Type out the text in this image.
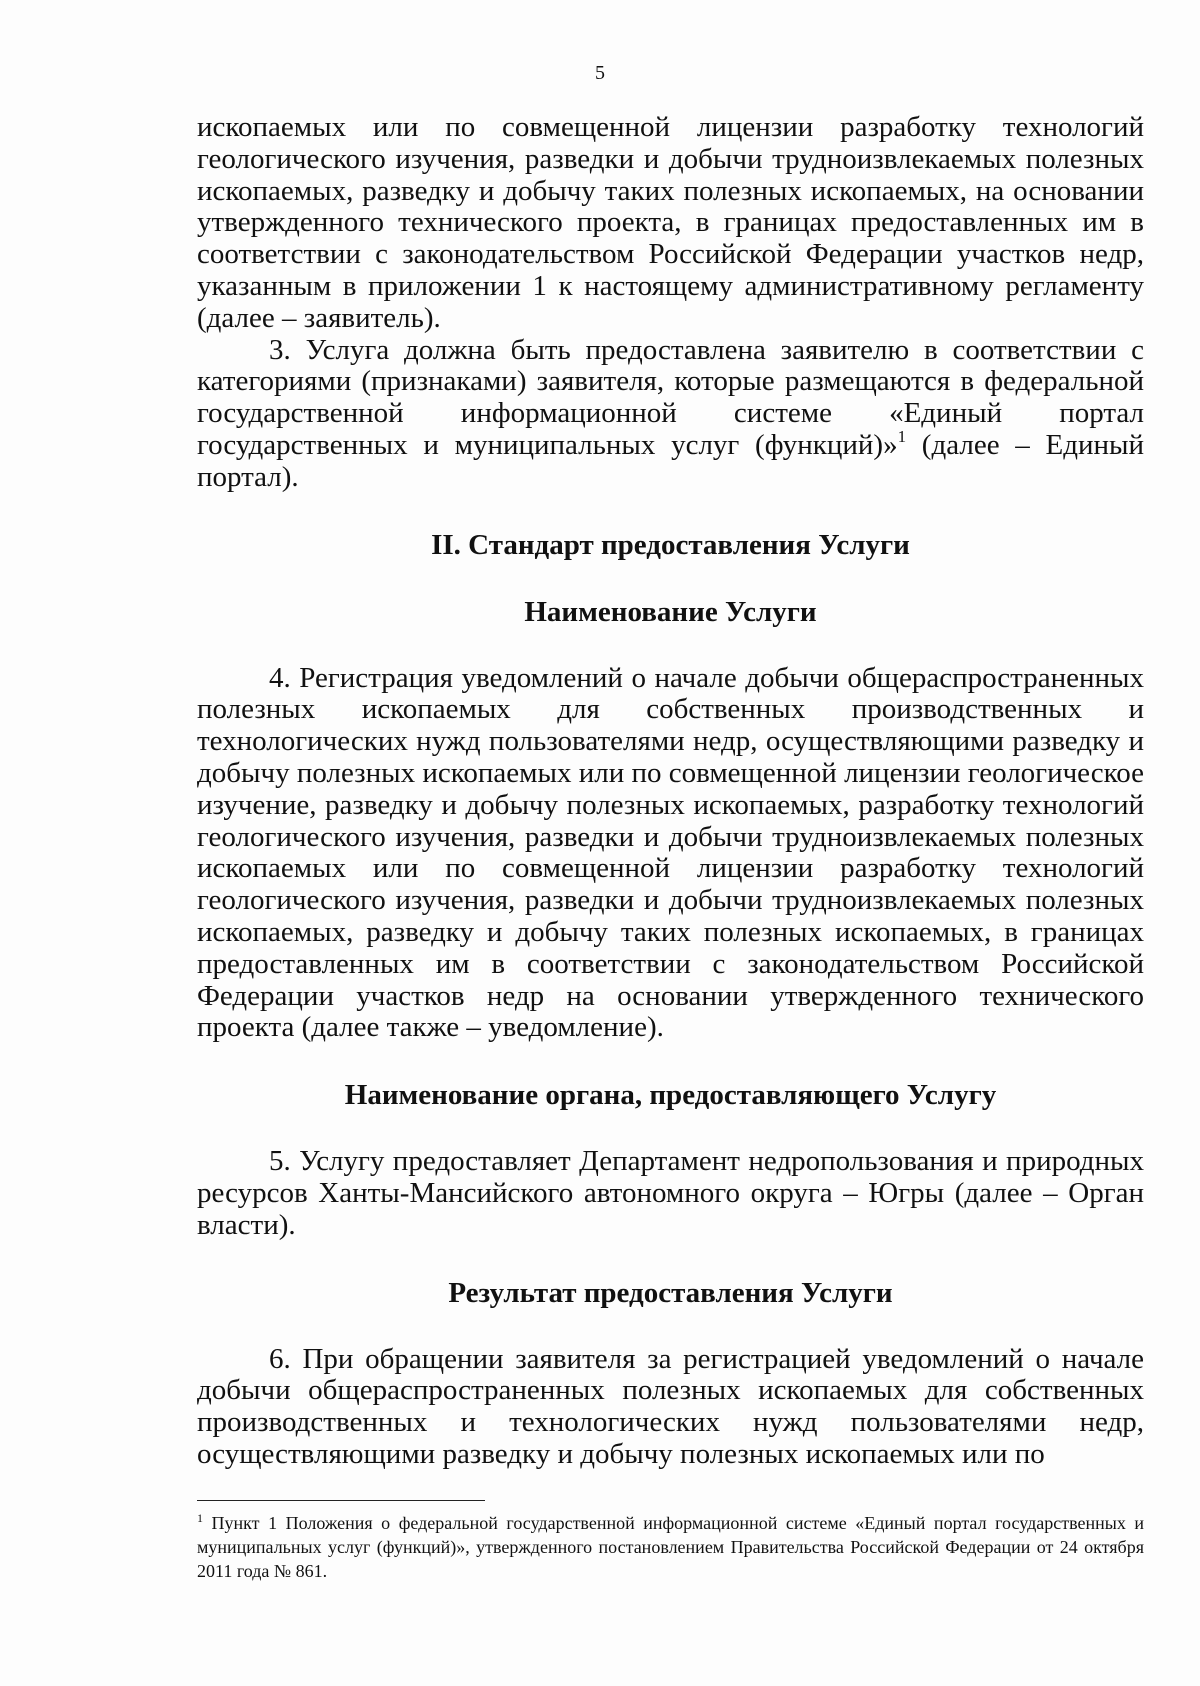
5

ископаемых или по совмещенной лицензии разработку технологий геологического изучения, разведки и добычи трудноизвлекаемых полезных ископаемых, разведку и добычу таких полезных ископаемых, на основании утвержденного технического проекта, в границах предоставленных им в соответствии с законодательством Российской Федерации участков недр, указанным в приложении 1 к настоящему административному регламенту (далее – заявитель).

3. Услуга должна быть предоставлена заявителю в соответствии с категориями (признаками) заявителя, которые размещаются в федеральной государственной информационной системе «Единый портал государственных и муниципальных услуг (функций)»$^1$ (далее – Единый портал).

II. Стандарт предоставления Услуги

Наименование Услуги

4. Регистрация уведомлений о начале добычи общераспространенных полезных ископаемых для собственных производственных и технологических нужд пользователями недр, осуществляющими разведку и добычу полезных ископаемых или по совмещенной лицензии геологическое изучение, разведку и добычу полезных ископаемых, разработку технологий геологического изучения, разведки и добычи трудноизвлекаемых полезных ископаемых или по совмещенной лицензии разработку технологий геологического изучения, разведки и добычи трудноизвлекаемых полезных ископаемых, разведку и добычу таких полезных ископаемых, в границах предоставленных им в соответствии с законодательством Российской Федерации участков недр на основании утвержденного технического проекта (далее также – уведомление).

Наименование органа, предоставляющего Услугу

5. Услугу предоставляет Департамент недропользования и природных ресурсов Ханты-Мансийского автономного округа – Югры (далее – Орган власти).

Результат предоставления Услуги

6. При обращении заявителя за регистрацией уведомлений о начале добычи общераспространенных полезных ископаемых для собственных производственных и технологических нужд пользователями недр, осуществляющими разведку и добычу полезных ископаемых или по

$^1$ Пункт 1 Положения о федеральной государственной информационной системе «Единый портал государственных и муниципальных услуг (функций)», утвержденного постановлением Правительства Российской Федерации от 24 октября 2011 года № 861.
